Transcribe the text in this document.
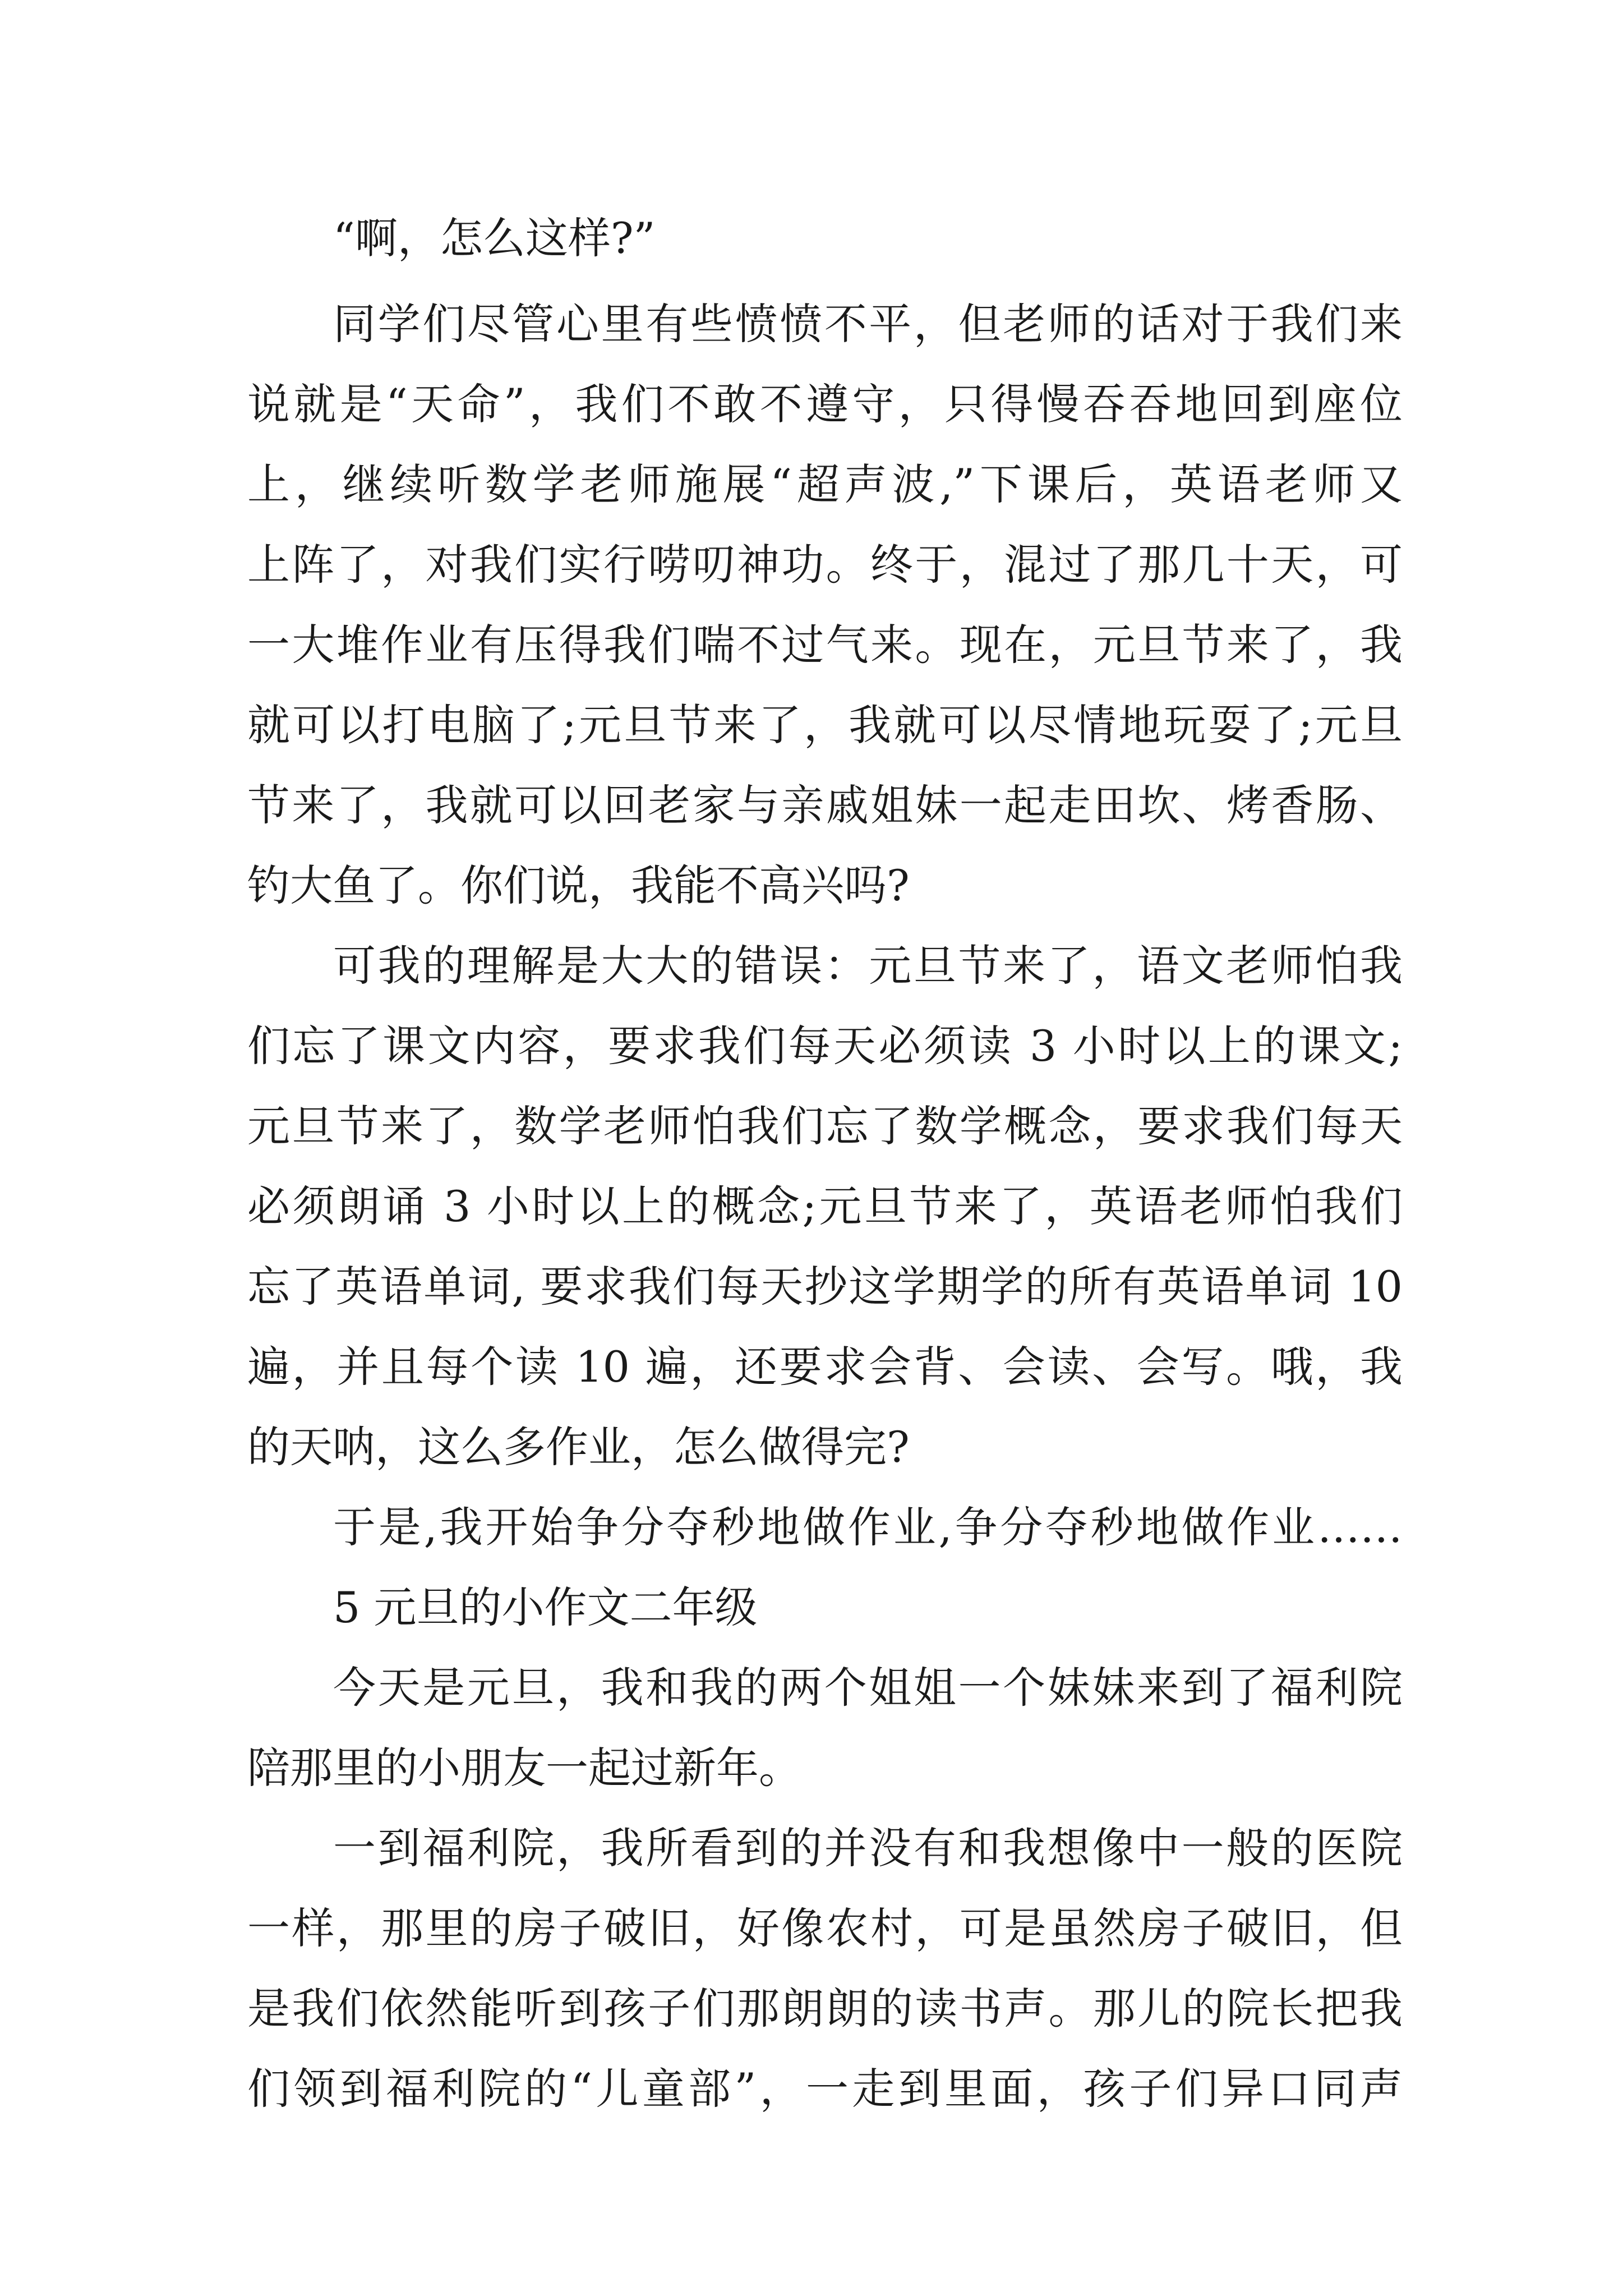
“啊，怎么这样?”
同学们尽管心里有些愤愤不平，但老师的话对于我们来
说就是“天命”，我们不敢不遵守，只得慢吞吞地回到座位
上，继续听数学老师施展“超声波,”下课后，英语老师又
上阵了，对我们实行唠叨神功。终于，混过了那几十天，可
一大堆作业有压得我们喘不过气来。现在，元旦节来了，我
就可以打电脑了;元旦节来了，我就可以尽情地玩耍了;元旦
节来了，我就可以回老家与亲戚姐妹一起走田坎、烤香肠、
钓大鱼了。你们说，我能不高兴吗?
可我的理解是大大的错误：元旦节来了，语文老师怕我
们忘了课文内容，要求我们每天必须读 3 小时以上的课文;
元旦节来了，数学老师怕我们忘了数学概念，要求我们每天
必须朗诵 3 小时以上的概念;元旦节来了，英语老师怕我们
忘了英语单词, 要求我们每天抄这学期学的所有英语单词 10
遍，并且每个读 10 遍，还要求会背、会读、会写。哦，我
的天呐，这么多作业，怎么做得完?
于是,我开始争分夺秒地做作业,争分夺秒地做作业……
5 元旦的小作文二年级
今天是元旦，我和我的两个姐姐一个妹妹来到了福利院
陪那里的小朋友一起过新年。
一到福利院，我所看到的并没有和我想像中一般的医院
一样，那里的房子破旧，好像农村，可是虽然房子破旧，但
是我们依然能听到孩子们那朗朗的读书声。那儿的院长把我
们领到福利院的“儿童部”，一走到里面，孩子们异口同声
